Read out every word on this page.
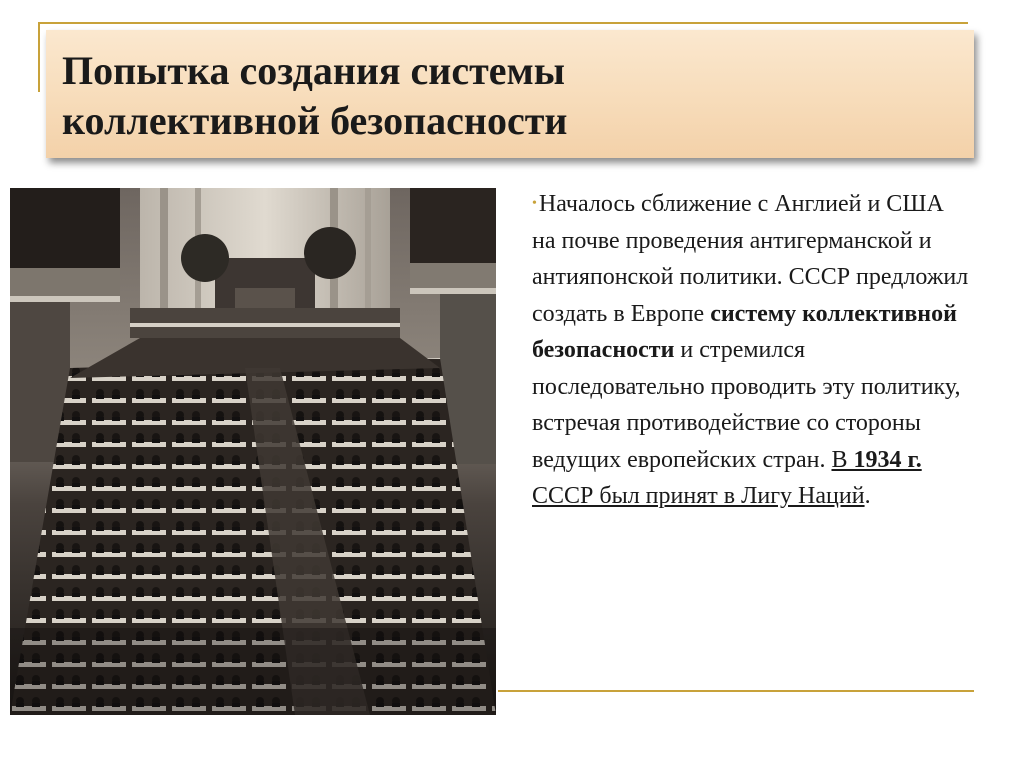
Попытка создания системы
коллективной безопасности
•Началось сближение с Англией и США на почве проведения антигерманской и антияпонской политики. СССР предложил создать в Европе систему коллективной безопасности и стремился последовательно проводить эту политику, встречая противодействие со стороны ведущих европейских стран. В 1934 г. СССР был принят в Лигу Наций.
